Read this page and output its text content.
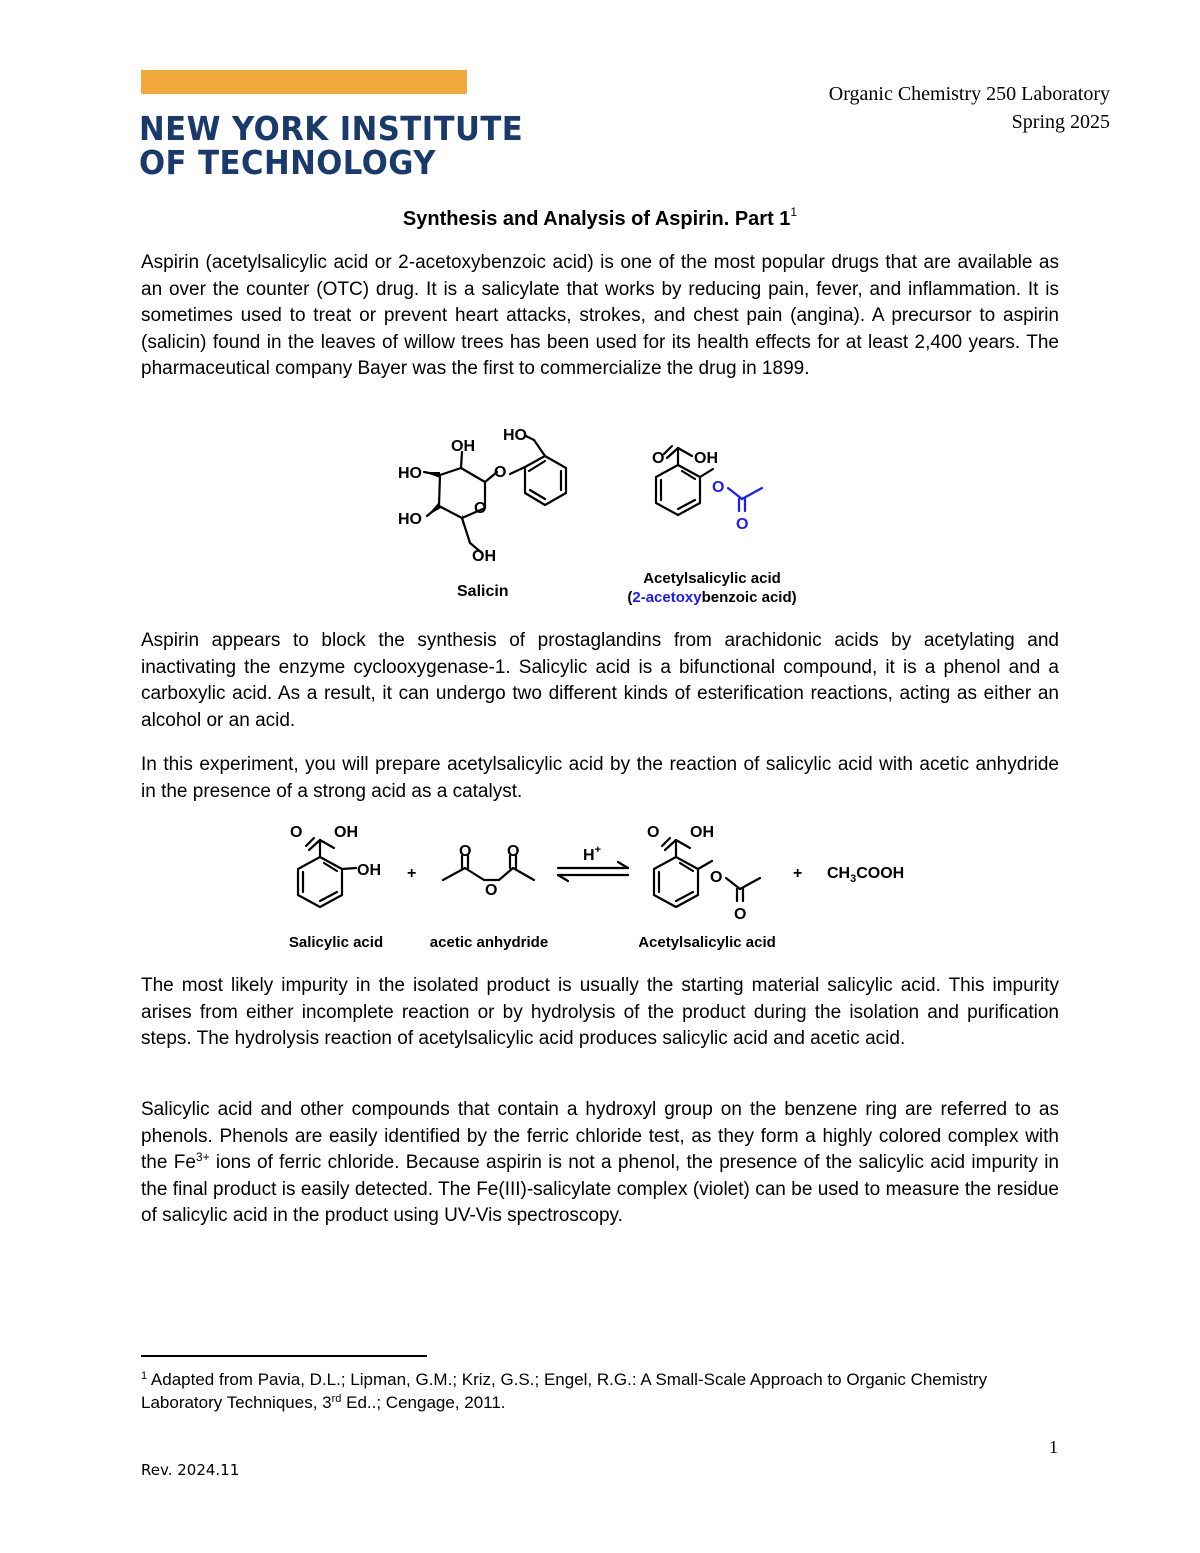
NEW YORK INSTITUTE
OF TECHNOLOGY
Organic Chemistry 250 Laboratory
Spring 2025
Synthesis and Analysis of Aspirin. Part $1^1$
Aspirin (acetylsalicylic acid or 2-acetoxybenzoic acid) is one of the most popular drugs that are available as an over the counter (OTC) drug. It is a salicylate that works by reducing pain, fever, and inflammation. It is sometimes used to treat or prevent heart attacks, strokes, and chest pain (angina). A precursor to aspirin (salicin) found in the leaves of willow trees has been used for its health effects for at least 2,400 years. The pharmaceutical company Bayer was the first to commercialize the drug in 1899.
OH
HO
HO
HO
O
O
OH
Salicin
O OH
O
O
Acetylsalicylic acid
(2-acetoxybenzoic acid)
Aspirin appears to block the synthesis of prostaglandins from arachidonic acids by acetylating and inactivating the enzyme cyclooxygenase-1. Salicylic acid is a bifunctional compound, it is a phenol and a carboxylic acid. As a result, it can undergo two different kinds of esterification reactions, acting as either an alcohol or an acid.
In this experiment, you will prepare acetylsalicylic acid by the reaction of salicylic acid with acetic anhydride in the presence of a strong acid as a catalyst.
O OH
OH +
O O
O
H+
O OH
O
O
+ $CH_3COOH$
Salicylic acid	acetic anhydride	Acetylsalicylic acid
The most likely impurity in the isolated product is usually the starting material salicylic acid. This impurity arises from either incomplete reaction or by hydrolysis of the product during the isolation and purification steps. The hydrolysis reaction of acetylsalicylic acid produces salicylic acid and acetic acid.
Salicylic acid and other compounds that contain a hydroxyl group on the benzene ring are referred to as phenols. Phenols are easily identified by the ferric chloride test, as they form a highly colored complex with the $Fe^{3+}$ ions of ferric chloride. Because aspirin is not a phenol, the presence of the salicylic acid impurity in the final product is easily detected. The Fe(III)-salicylate complex (violet) can be used to measure the residue of salicylic acid in the product using UV-Vis spectroscopy.
$^1$ Adapted from Pavia, D.L.; Lipman, G.M.; Kriz, G.S.; Engel, R.G.: A Small-Scale Approach to Organic Chemistry Laboratory Techniques, 3rd Ed..; Cengage, 2011.
1
Rev. 2024.11
